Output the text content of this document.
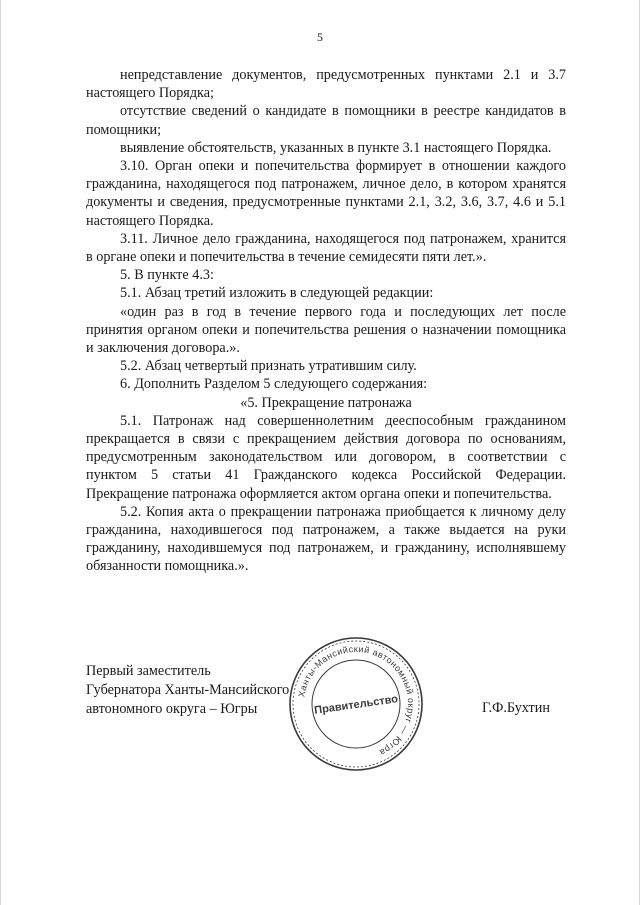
5

непредставление документов, предусмотренных пунктами 2.1 и 3.7 настоящего Порядка;

отсутствие сведений о кандидате в помощники в реестре кандидатов в помощники;

выявление обстоятельств, указанных в пункте 3.1 настоящего Порядка.

3.10. Орган опеки и попечительства формирует в отношении каждого гражданина, находящегося под патронажем, личное дело, в котором хранятся документы и сведения, предусмотренные пунктами 2.1, 3.2, 3.6, 3.7, 4.6 и 5.1 настоящего Порядка.

3.11. Личное дело гражданина, находящегося под патронажем, хранится в органе опеки и попечительства в течение семидесяти пяти лет.».

5. В пункте 4.3:

5.1. Абзац третий изложить в следующей редакции:

«один раз в год в течение первого года и последующих лет после принятия органом опеки и попечительства решения о назначении помощника и заключения договора.».

5.2. Абзац четвертый признать утратившим силу.

6. Дополнить Разделом 5 следующего содержания:

«5. Прекращение патронажа

5.1. Патронаж над совершеннолетним дееспособным гражданином прекращается в связи с прекращением действия договора по основаниям, предусмотренным законодательством или договором, в соответствии с пунктом 5 статьи 41 Гражданского кодекса Российской Федерации. Прекращение патронажа оформляется актом органа опеки и попечительства.

5.2. Копия акта о прекращении патронажа приобщается к личному делу гражданина, находившегося под патронажем, а также выдается на руки гражданину, находившемуся под патронажем, и гражданину, исполнявшему обязанности помощника.».

Первый заместитель
Губернатора Ханты-Мансийского
автономного округа – Югры
Ханты-Мансийский автономный округ — Югра
Правительство	Г.Ф.Бухтин
